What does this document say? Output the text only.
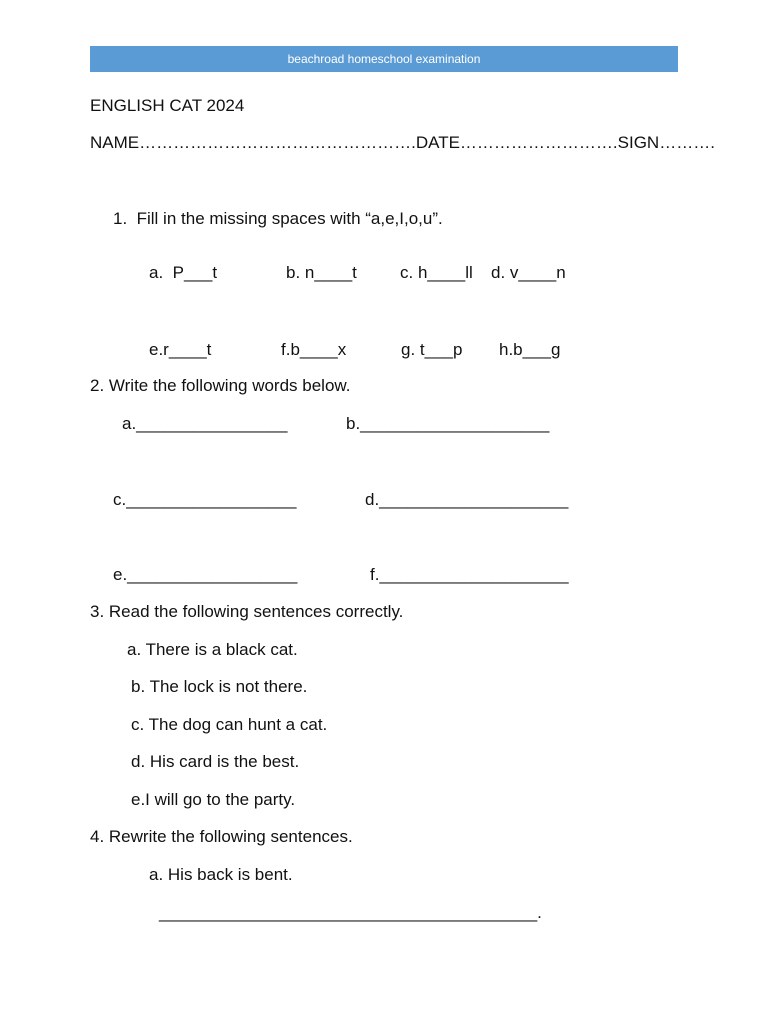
beachroad homeschool examination
ENGLISH CAT 2024
NAME………………………………………….DATE……………………….SIGN……….
1.  Fill in the missing spaces with “a,e,I,o,u”.
a.  P___t	b. n____t	c. h____ll d. v____n
e.r____t	f.b____x	g. t___p h.b___g
2. Write the following words below.
a.________________	b.____________________
c.__________________	d.____________________
e.__________________	f.____________________
3. Read the following sentences correctly.
a. There is a black cat.
b. The lock is not there.
c. The dog can hunt a cat.
d. His card is the best.
e.I will go to the party.
4. Rewrite the following sentences.
a. His back is bent.
________________________________________.
